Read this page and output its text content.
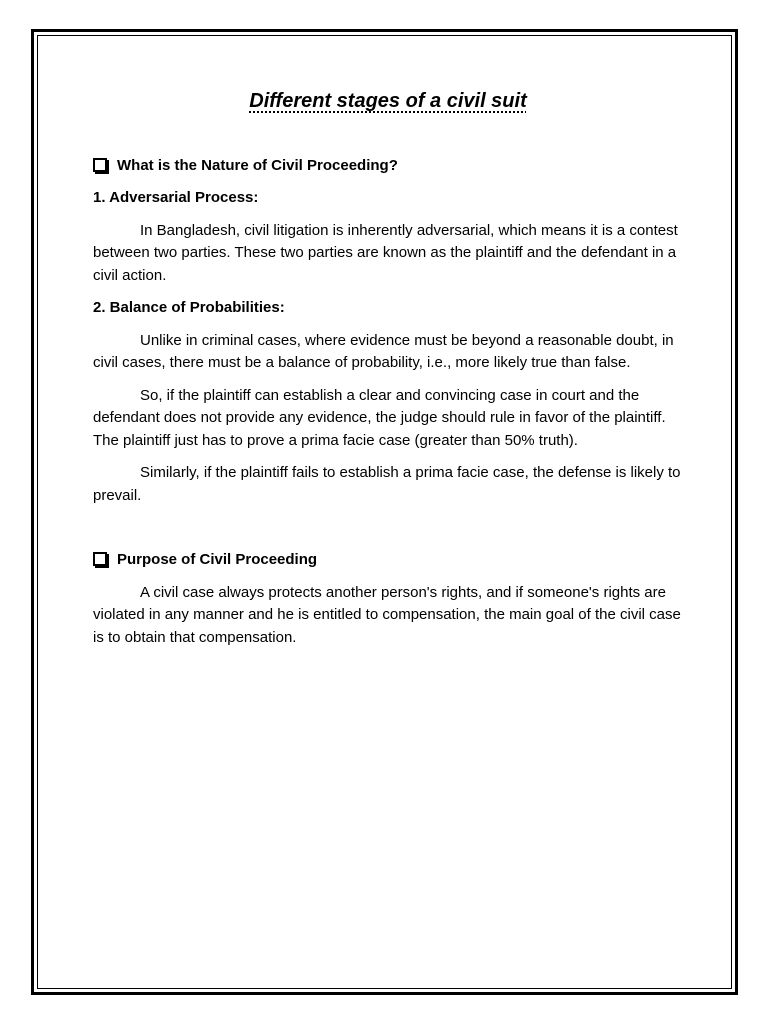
Different stages of a civil suit
What is the Nature of Civil Proceeding?
1. Adversarial Process:

In Bangladesh, civil litigation is inherently adversarial, which means it is a contest between two parties. These two parties are known as the plaintiff and the defendant in a civil action.

2. Balance of Probabilities:

Unlike in criminal cases, where evidence must be beyond a reasonable doubt, in civil cases, there must be a balance of probability, i.e., more likely true than false.

So, if the plaintiff can establish a clear and convincing case in court and the defendant does not provide any evidence, the judge should rule in favor of the plaintiff. The plaintiff just has to prove a prima facie case (greater than 50% truth).

Similarly, if the plaintiff fails to establish a prima facie case, the defense is likely to prevail.

Purpose of Civil Proceeding

A civil case always protects another person's rights, and if someone's rights are violated in any manner and he is entitled to compensation, the main goal of the civil case is to obtain that compensation.
